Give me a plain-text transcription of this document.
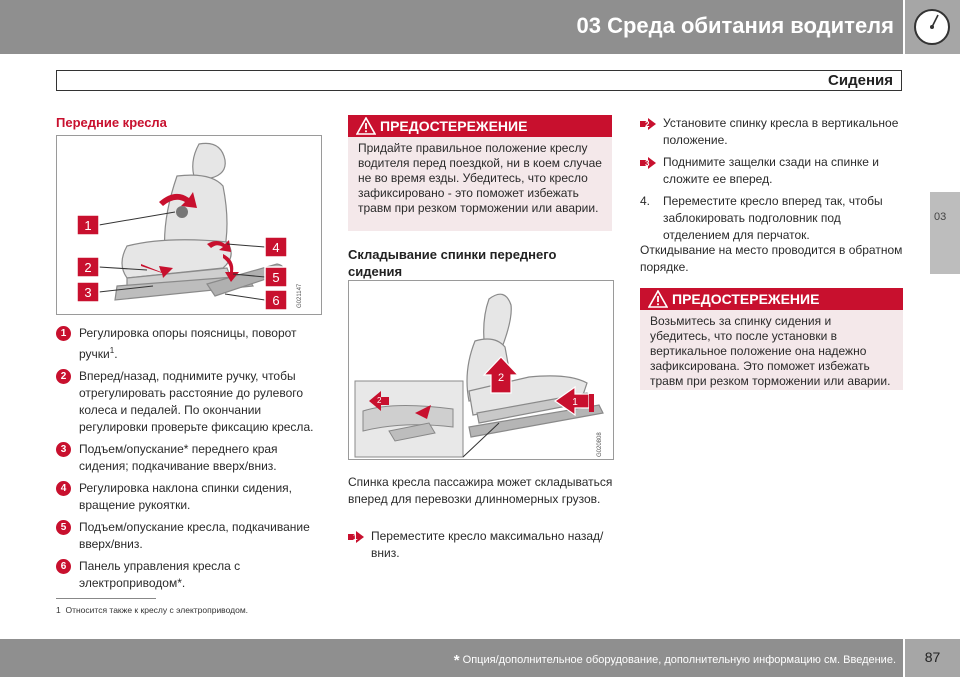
03 Среда обитания водителя
Сидения
03
Передние кресла
1
2
3
4
5
6	G021147
1	Регулировка опоры поясницы, поворот ручки$^1$.
2	Вперед/назад, поднимите ручку, чтобы отрегулировать расстояние до рулевого колеса и педалей. По окончании регулировки проверьте фиксацию кресла.
3	Подъем/опускание* переднего края сидения; подкачивание вверх/вниз.
4	Регулировка наклона спинки сидения, вращение рукоятки.
5	Подъем/опускание кресла, подкачивание вверх/вниз.
6	Панель управления кресла с электроприводом*.
1 Относится также к креслу с электроприводом.
ПРЕДОСТЕРЕЖЕНИЕ
Придайте правильное положение креслу водителя перед поездкой, ни в коем случае не во время езды. Убедитесь, что кресло зафиксировано - это поможет избежать травм при резком торможении или аварии.
Складывание спинки переднего сидения
2
2
1
G020808
Спинка кресла пассажира может складываться вперед для перевозки длинномерных грузов.
1 Переместите кресло максимально назад/вниз.
2 Установите спинку кресла в вертикальное положение.
3 Поднимите защелки сзади на спинке и сложите ее вперед.
4. Переместите кресло вперед так, чтобы заблокировать подголовник под отделением для перчаток.
Откидывание на место проводится в обратном порядке.
ПРЕДОСТЕРЕЖЕНИЕ
Возьмитесь за спинку сидения и убедитесь, что после установки в вертикальное положение она надежно зафиксирована. Это поможет избежать травм при резком торможении или аварии.
* Опция/дополнительное оборудование, дополнительную информацию см. Введение.	87
